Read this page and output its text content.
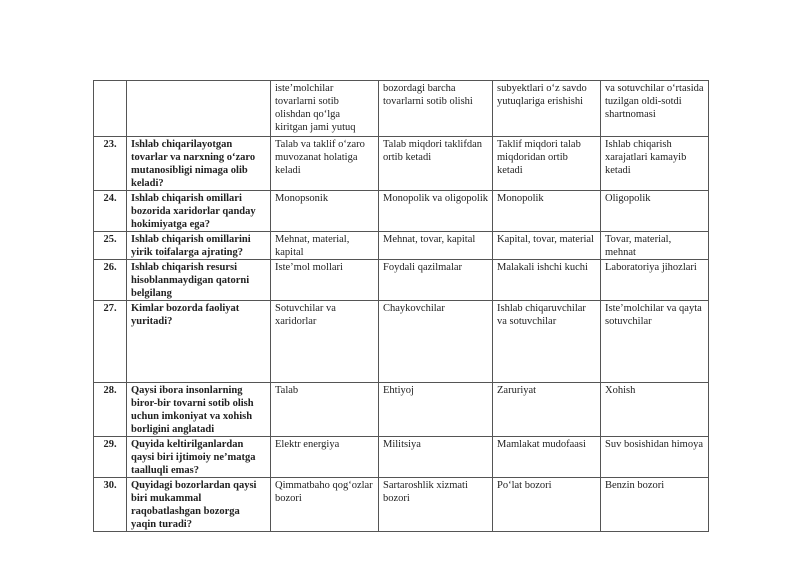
		iste’molchilar tovarlarni sotib olishdan qo‘lga kiritgan jami yutuq	bozordagi barcha tovarlarni sotib olishi	subyektlari o‘z savdo yutuqlariga erishishi	va sotuvchilar o‘rtasida tuzilgan oldi-sotdi shartnomasi
23.	Ishlab chiqarilayotgan tovarlar va narxning o‘zaro mutanosibligi nimaga olib keladi?	Talab va taklif o‘zaro muvozanat holatiga keladi	Talab miqdori taklifdan ortib ketadi	Taklif miqdori talab miqdoridan ortib ketadi	Ishlab chiqarish xarajatlari kamayib ketadi
24.	Ishlab chiqarish omillari bozorida xaridorlar qanday hokimiyatga ega?	Monopsonik	Monopolik va oligopolik	Monopolik	Oligopolik
25.	Ishlab chiqarish omillarini yirik toifalarga ajrating?	Mehnat, material, kapital	Mehnat, tovar, kapital	Kapital, tovar, material	Tovar, material, mehnat
26.	Ishlab chiqarish resursi hisoblanmaydigan qatorni belgilang	Iste’mol mollari	Foydali qazilmalar	Malakali ishchi kuchi	Laboratoriya jihozlari
27.	Kimlar bozorda faoliyat yuritadi?	Sotuvchilar va xaridorlar	Chaykovchilar	Ishlab chiqaruvchilar va sotuvchilar	Iste’molchilar va qayta sotuvchilar
28.	Qaysi ibora insonlarning biror-bir tovarni sotib olish uchun imkoniyat va xohish borligini anglatadi	Talab	Ehtiyoj	Zaruriyat	Xohish
29.	Quyida keltirilganlardan qaysi biri ijtimoiy ne’matga taalluqli emas?	Elektr energiya	Militsiya	Mamlakat mudofaasi	Suv bosishidan himoya
30.	Quyidagi bozorlardan qaysi biri mukammal raqobatlashgan bozorga yaqin turadi?	Qimmatbaho qog‘ozlar bozori	Sartaroshlik xizmati bozori	Po‘lat bozori	Benzin bozori
